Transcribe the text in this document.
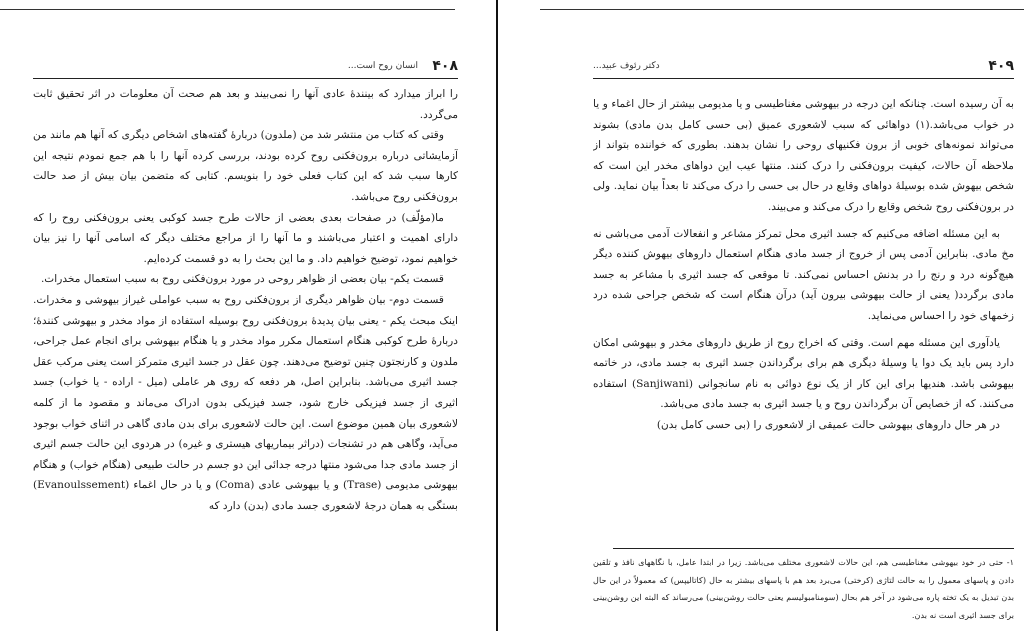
۴۰۸
انسان روح است...

را ابراز میدارد که بینندهٔ عادی آنها را نمی‌بیند و بعد هم صحت آن معلومات در اثر تحقیق ثابت می‌گردد.

وقتی که کتاب من منتشر شد من (ملدون) دربارهٔ گفته‌های اشخاص دیگری که آنها هم مانند من آزمایشاتی درباره برون‌فکنی روح کرده بودند، بررسی کرده آنها را با هم جمع نمودم نتیجه این کارها سبب شد که این کتاب فعلی خود را بنویسم. کتابی که متضمن بیان بیش از صد حالت برون‌فکنی روح می‌باشد.

ما(مؤلّف) در صفحات بعدی بعضی از حالات طرح جسد کوکبی یعنی برون‌فکنی روح را که دارای اهمیت و اعتبار می‌باشند و ما آنها را از مراجع مختلف دیگر که اسامی آنها را نیز بیان خواهیم نمود، توضیح خواهیم داد. و ما این بحث را به دو قسمت کرده‌ایم.

قسمت یکم- بیان بعضی از ظواهر روحی در مورد برون‌فکنی روح به سبب استعمال مخدرات.

قسمت دوم- بیان ظواهر دیگری از برون‌فکنی روح به سبب عواملی غیراز بیهوشی و مخدرات. اینک مبحث یکم - یعنی بیان پدیدهٔ برون‌فکنی روح بوسیله استفاده از مواد مخدر و بیهوشی کنندهٔ؛ دربارهٔ طرح کوکبی هنگام استعمال مکرر مواد مخدر و یا هنگام بیهوشی برای انجام عمل جراحی، ملدون و کارنجتون چنین توضیح می‌دهند. چون عقل در جسد اثیری متمرکز است یعنی مرکب عقل جسد اثیری می‌باشد. بنابراین اصل، هر دفعه که روی هر عاملی (میل - اراده - یا خواب) جسد اثیری از جسد فیزیکی خارج شود، جسد فیزیکی بدون ادراک می‌ماند و مقصود ما از کلمه لاشعوری بیان همین موضوع است. این حالت لاشعوری برای بدن مادی گاهی در اثنای خواب بوجود می‌آید، وگاهی هم در تشنجات (دراثر بیماریهای هیستری و غیره) در هردوی این حالت جسم اثیری از جسد مادی جدا می‌شود منتها درجه جدائی این دو جسم در حالت طبیعی (هنگام خواب) و هنگام بیهوشی مدیومی (Trase) و یا بیهوشی عادی (Coma) و یا در حال اغماء (Evanoulssement) بستگی به همان درجهٔ لاشعوری جسد مادی (بدن) دارد که

۴۰۹
دکتر رئوف عبید...

به آن رسیده است. چنانکه این درجه در بیهوشی مغناطیسی و یا مدیومی بیشتر از حال اغماء و یا در خواب می‌باشد.(۱) دواهائی که سبب لاشعوری عمیق (بی حسی کامل بدن مادی) بشوند می‌تواند نمونه‌های خوبی از برون فکنیهای روحی را نشان بدهند. بطوری که خواننده بتواند از ملاحظه آن حالات، کیفیت برون‌فکنی را درک کنند. منتها عیب این دواهای مخدر این است که شخص بیهوش شده بوسیلهٔ دواهای وقایع در حال بی حسی را درک می‌کند تا بعداً بیان نماید. ولی در برون‌فکنی روح شخص وقایع را درک می‌کند و می‌بیند.

به این مسئله اضافه می‌کنیم که جسد اثیری محل تمرکز مشاعر و انفعالات آدمی می‌باشی نه مخ مادی. بنابراین آدمی پس از خروج از جسد مادی هنگام استعمال داروهای بیهوش کننده دیگر هیچ‌گونه درد و رنج را در بدنش احساس نمی‌کند. تا موقعی که جسد اثیری با مشاعر به جسد مادی برگردد( یعنی از حالت بیهوشی بیرون آید) درآن هنگام است که شخص جراحی شده درد زخمهای خود را احساس می‌نماید.

یادآوری این مسئله مهم است. وقتی که اخراج روح از طریق داروهای مخدر و بیهوشی امکان دارد پس باید یک دوا یا وسیلهٔ دیگری هم برای برگرداندن جسد اثیری به جسد مادی، در خاتمه بیهوشی باشد. هندیها برای این کار از یک نوع دوائی به نام سانجوانی (Sanjiwani) استفاده می‌کنند. که از خصایص آن برگرداندن روح و یا جسد اثیری به جسد مادی می‌باشد.

در هر حال داروهای بیهوشی حالت عمیقی از لاشعوری را (بی حسی کامل بدن)

۱- حتی در خود بیهوشی مغناطیسی هم، این حالات لاشعوری مختلف می‌باشد. زیرا در ابتدا عامل، با نگاههای نافذ و تلقین دادن و پاسهای معمول را به حالت لتاژی (کرختی) می‌برد بعد هم با پاسهای بیشتر به حال (کاتالیپس) که معمولاً در این حال بدن تبدیل به یک تخته پاره می‌شود در آخر هم بحال (سومنامبولیسم یعنی حالت روشن‌بینی) می‌رساند که البته این روشن‌بینی برای جسد اثیری است نه بدن.
